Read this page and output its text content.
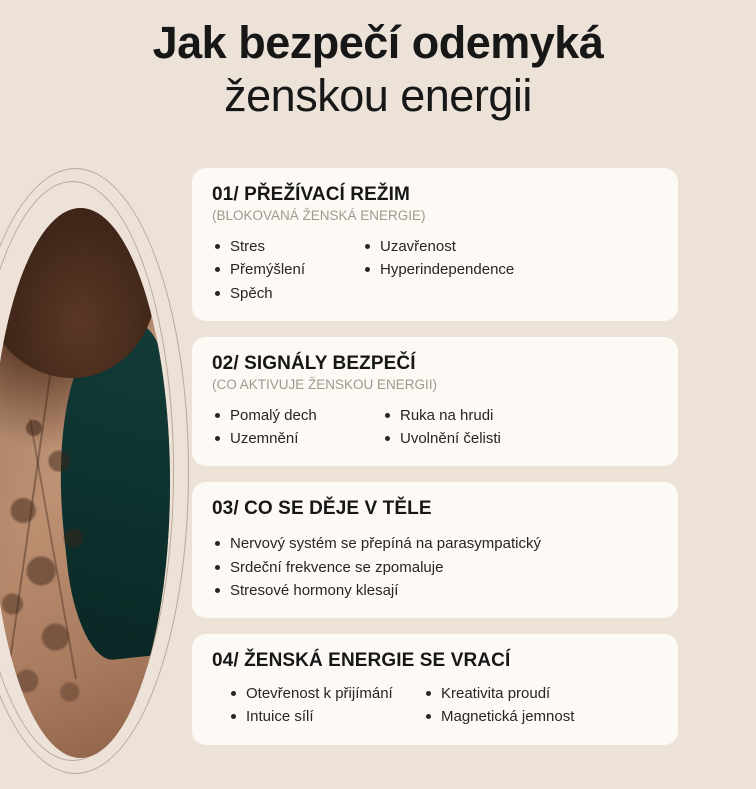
Jak bezpečí odemyká
ženskou energii
01/ PŘEŽÍVACÍ REŽIM
(BLOKOVANÁ ŽENSKÁ ENERGIE)
Stres
Přemýšlení
Spěch
Uzavřenost
Hyperindependence
02/ SIGNÁLY BEZPEČÍ
(CO AKTIVUJE ŽENSKOU ENERGII)
Pomalý dech
Uzemnění
Ruka na hrudi
Uvolnění čelisti
03/ CO SE DĚJE V TĚLE
Nervový systém se přepíná na parasympatický
Srdeční frekvence se zpomaluje
Stresové hormony klesají
04/ ŽENSKÁ ENERGIE SE VRACÍ
Otevřenost k přijímání
Intuice sílí
Kreativita proudí
Magnetická jemnost
